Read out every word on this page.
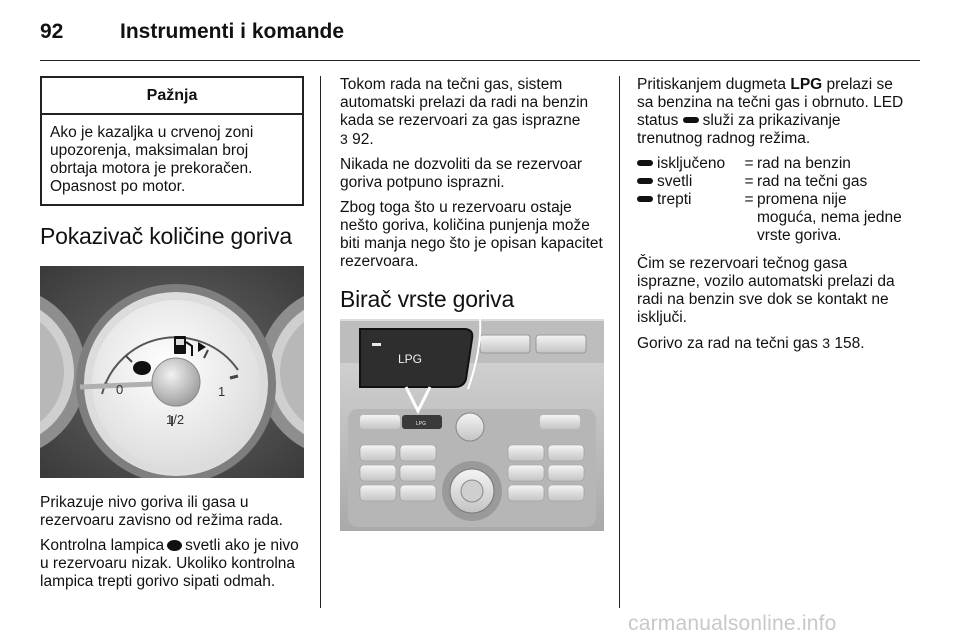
92	Instrumenti i komande
Pažnja
Ako je kazaljka u crvenoj zoni upozorenja, maksimalan broj obrtaja motora je prekoračen. Opasnost po motor.
Pokazivač količine goriva
0	1
1/2

Prikazuje nivo goriva ili gasa u rezervoaru zavisno od režima rada.

Kontrolna lampica svetli ako je nivo u rezervoaru nizak. Ukoliko kontrolna lampica trepti gorivo sipati odmah.

Tokom rada na tečni gas, sistem automatski prelazi da radi na benzin kada se rezervoari za gas isprazne
3 92.

Nikada ne dozvoliti da se rezervoar goriva potpuno isprazni.

Zbog toga što u rezervoaru ostaje nešto goriva, količina punjenja može biti manja nego što je opisan kapacitet rezervoara.

Birač vrste goriva
LPG
LPG

Pritiskanjem dugmeta LPG prelazi se sa benzina na tečni gas i obrnuto. LED status služi za prikazivanje trenutnog radnog režima.

isključeno	=	rad na benzin
svetli	=	rad na tečni gas
trepti	=	promena nije moguća, nema jedne vrste goriva.

Čim se rezervoari tečnog gasa isprazne, vozilo automatski prelazi da radi na benzin sve dok se kontakt ne isključi.

Gorivo za rad na tečni gas 3 158.

carmanualsonline.info
